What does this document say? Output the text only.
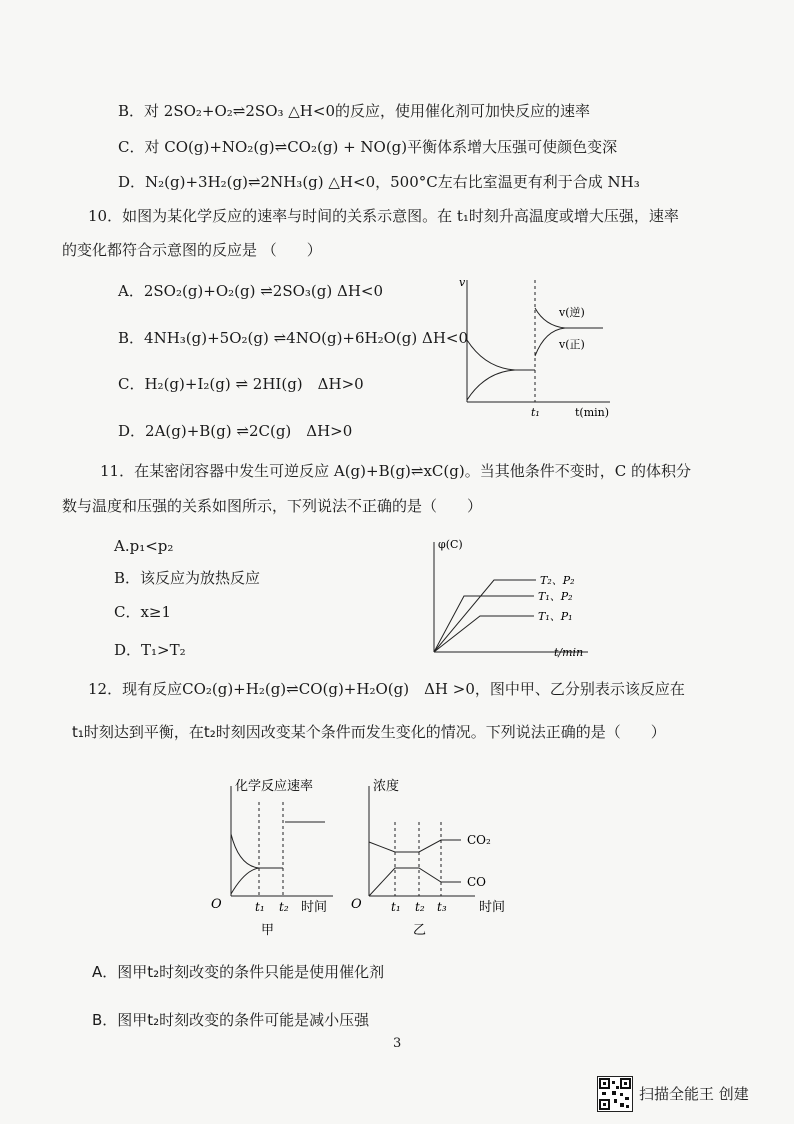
B．对 2SO₂+O₂⇌2SO₃ △H<0的反应，使用催化剂可加快反应的速率
C．对 CO(g)+NO₂(g)⇌CO₂(g) + NO(g)平衡体系增大压强可使颜色变深
D．N₂(g)+3H₂(g)⇌2NH₃(g) △H<0，500°C左右比室温更有利于合成 NH₃
10．如图为某化学反应的速率与时间的关系示意图。在 t₁时刻升高温度或增大压强，速率
的变化都符合示意图的反应是 （　　）
A．2SO₂(g)+O₂(g) ⇌2SO₃(g) ΔH<0
B．4NH₃(g)+5O₂(g) ⇌4NO(g)+6H₂O(g) ΔH<0
C．H₂(g)+I₂(g) ⇌ 2HI(g)　ΔH>0
D．2A(g)+B(g) ⇌2C(g)　ΔH>0
v
t(min)
t₁
v(逆)
v(正)
11．在某密闭容器中发生可逆反应 A(g)+B(g)⇌xC(g)。当其他条件不变时，C 的体积分
数与温度和压强的关系如图所示，下列说法不正确的是（　　）
A.p₁<p₂
B．该反应为放热反应
C．x≥1
D．T₁>T₂
φ(C)
t/min
T₂、P₂
T₁、P₂
T₁、P₁
12．现有反应CO₂(g)+H₂(g)⇌CO(g)+H₂O(g)　ΔH >0，图中甲、乙分别表示该反应在
t₁时刻达到平衡，在t₂时刻因改变某个条件而发生变化的情况。下列说法正确的是（　　）
化学反应速率
O	t₁ t₂ 时间
甲
浓度
O t₁ t₂ t₃ 时间
乙
CO₂
CO
A．图甲t₂时刻改变的条件只能是使用催化剂
B．图甲t₂时刻改变的条件可能是减小压强
3
扫描全能王 创建
